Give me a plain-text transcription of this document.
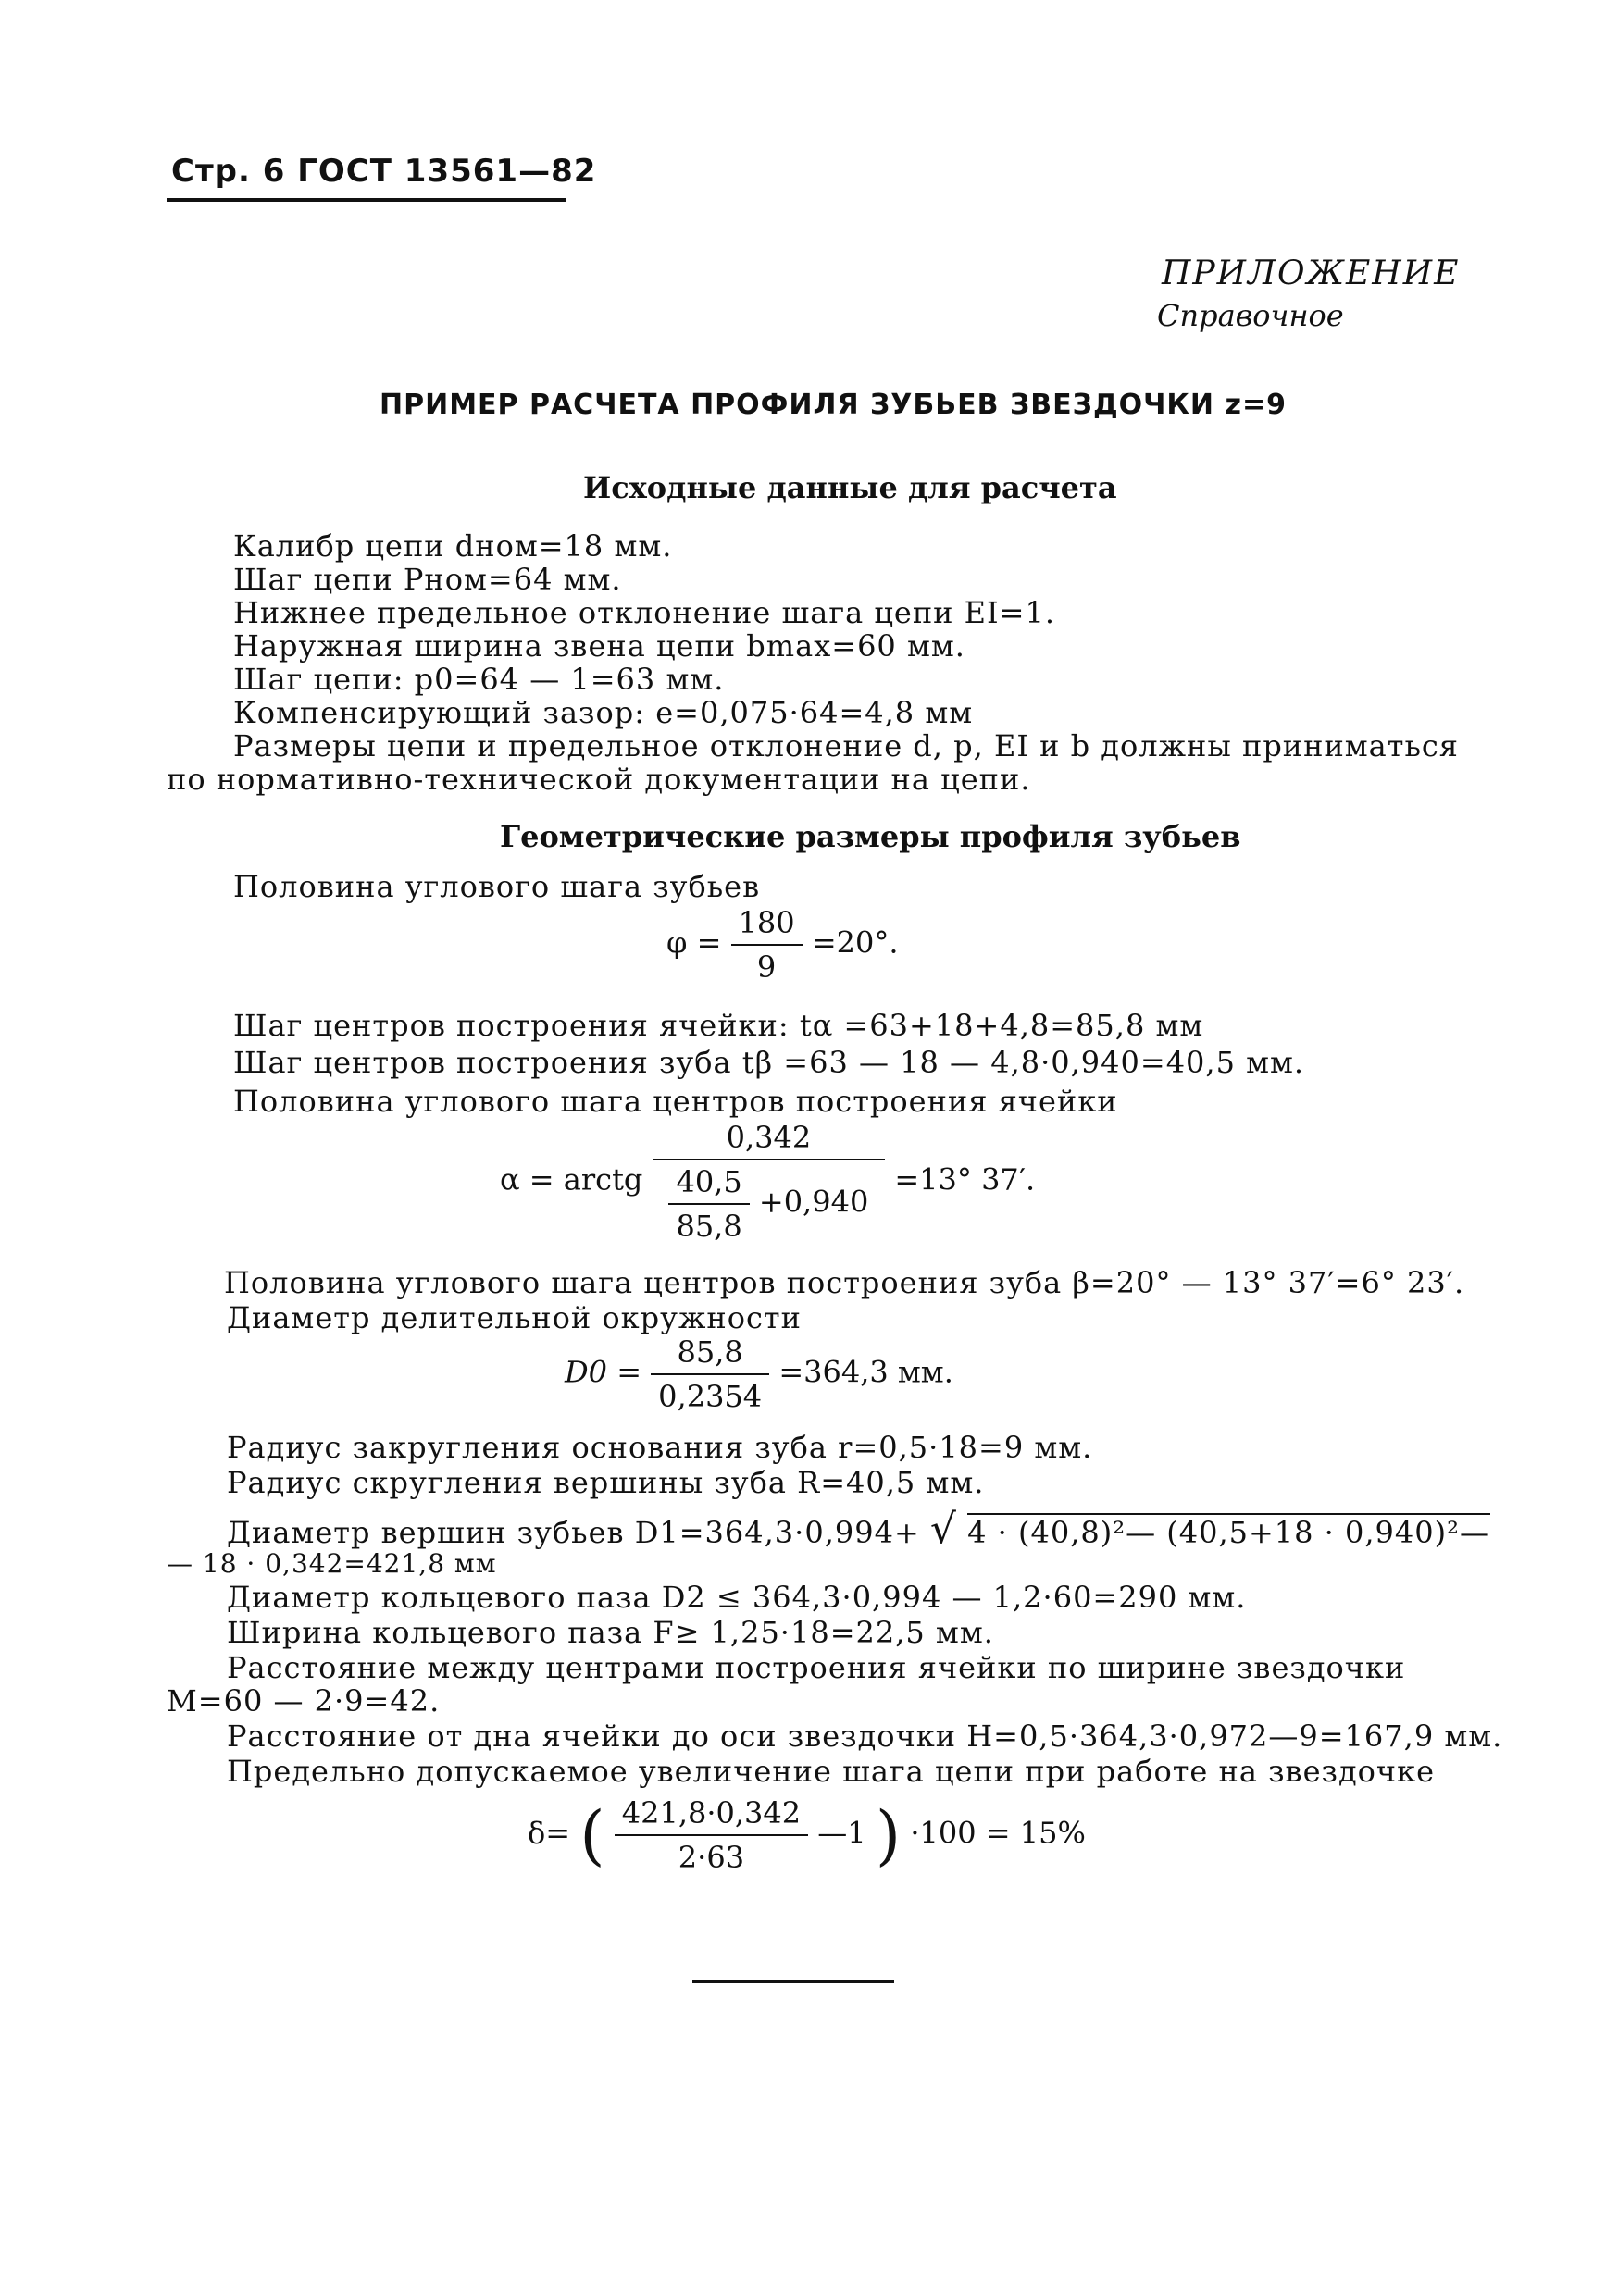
Стр. 6 ГОСТ 13561—82
ПРИЛОЖЕНИЕ
Справочное
ПРИМЕР РАСЧЕТА ПРОФИЛЯ ЗУБЬЕВ ЗВЕЗДОЧКИ z=9
Исходные данные для расчета
Калибр цепи dном=18 мм.
Шаг цепи Pном=64 мм.
Нижнее предельное отклонение шага цепи EI=1.
Наружная ширина звена цепи bmax=60 мм.
Шаг цепи: p0=64 — 1=63 мм.
Компенсирующий зазор: e=0,075·64=4,8 мм
Размеры цепи и предельное отклонение d, p, EI и b должны приниматься
по нормативно-технической документации на цепи.
Геометрические размеры профиля зубьев
Половина углового шага зубьев
$\varphi = \frac{180}{9} =20^\circ$.
Шаг центров построения ячейки: tα =63+18+4,8=85,8 мм
Шаг центров построения зуба tβ =63 — 18 — 4,8·0,940=40,5 мм.
Половина углового шага центров построения ячейки
α = arctg $\frac{0,342}{\frac{40,5}{85,8} +0,940} =13^\circ$ 37′.
Половина углового шага центров построения зуба β=20° — 13° 37′=6° 23′.
Диаметр делительной окружности
$D0 = \frac{85,8}{0,2354} =364,3$ мм.
Радиус закругления основания зуба r=0,5·18=9 мм.
Радиус скругления вершины зуба R=40,5 мм.
Диаметр вершин зубьев D1=364,3·0,994+ √ 4 · (40,8)²— (40,5+18 · 0,940)²—
— 18 · 0,342=421,8 мм
Диаметр кольцевого паза D2 ≤ 364,3·0,994 — 1,2·60=290 мм.
Ширина кольцевого паза F≥ 1,25·18=22,5 мм.
Расстояние между центрами построения ячейки по ширине звездочки
M=60 — 2·9=42.
Расстояние от дна ячейки до оси звездочки H=0,5·364,3·0,972—9=167,9 мм.
Предельно допускаемое увеличение шага цепи при работе на звездочке
δ= ( $\frac{421,8\cdot 0,342}{2\cdot 63}$ —1 ) ·100 = 15%
